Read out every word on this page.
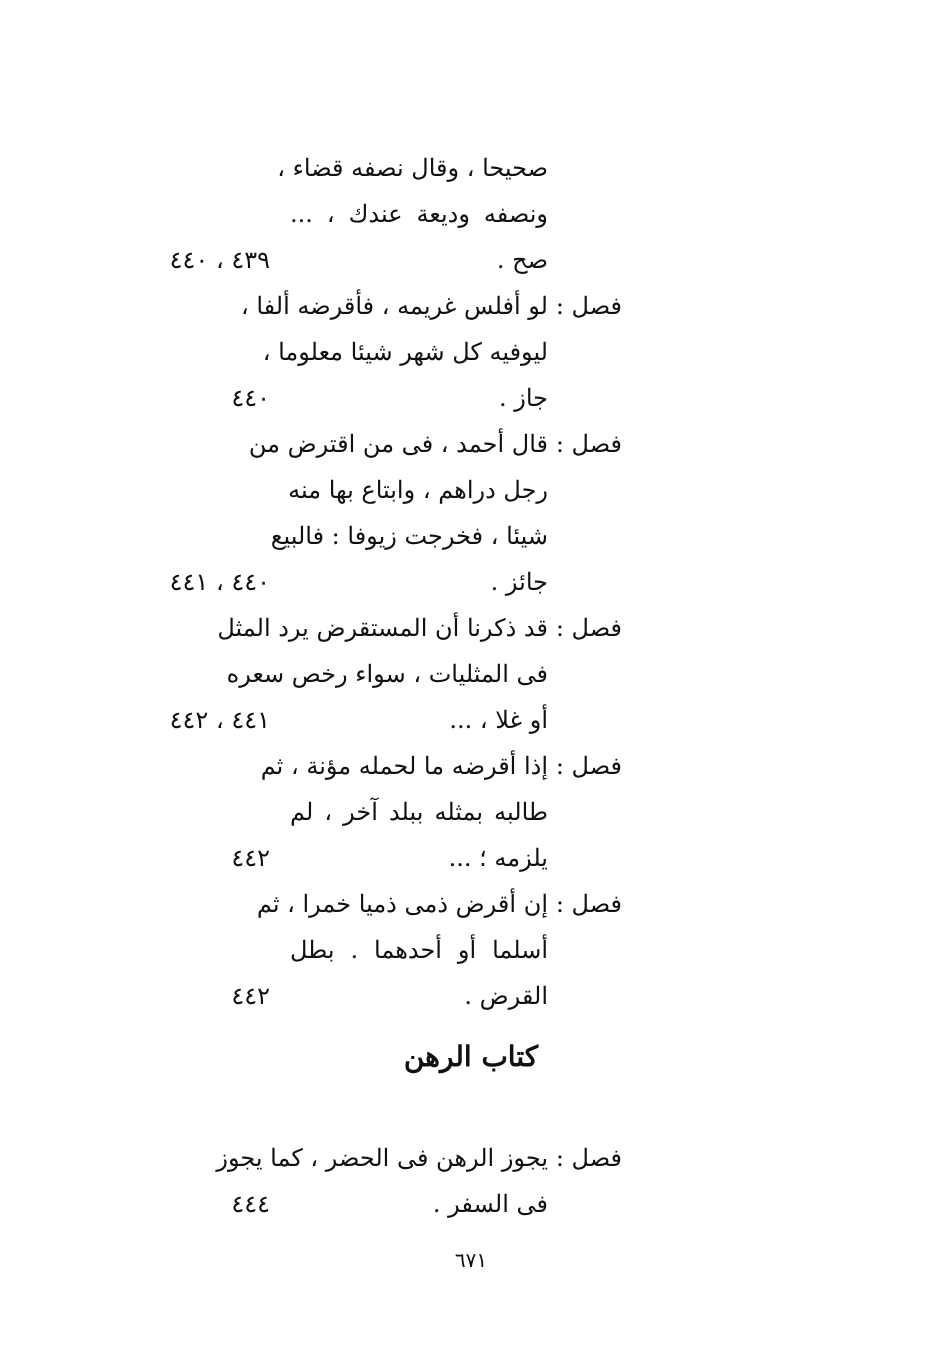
صحيحا ، وقال نصفه قضاء ،
ونصفه وديعة عندك ، ...
صح .
٤٣٩ ، ٤٤٠
فصل :
لو أفلس غريمه ، فأقرضه ألفا ،
ليوفيه كل شهر شيئا معلوما ،
جاز .
٤٤٠
فصل :
قال أحمد ، فى من اقترض من
رجل دراهم ، وابتاع بها منه
شيئا ، فخرجت زيوفا : فالبيع
جائز .
٤٤٠ ، ٤٤١
فصل :
قد ذكرنا أن المستقرض يرد المثل
فى المثليات ، سواء رخص سعره
أو غلا ، ...
٤٤١ ، ٤٤٢
فصل :
إذا أقرضه ما لحمله مؤنة ، ثم
طالبه بمثله ببلد آخر ، لم
يلزمه ؛ ...
٤٤٢
فصل :
إن أقرض ذمى ذميا خمرا ، ثم
أسلما أو أحدهما . بطل
القرض .
٤٤٢
كتاب الرهن
فصل :
يجوز الرهن فى الحضر ، كما يجوز
فى السفر .
٤٤٤
٦٧١
